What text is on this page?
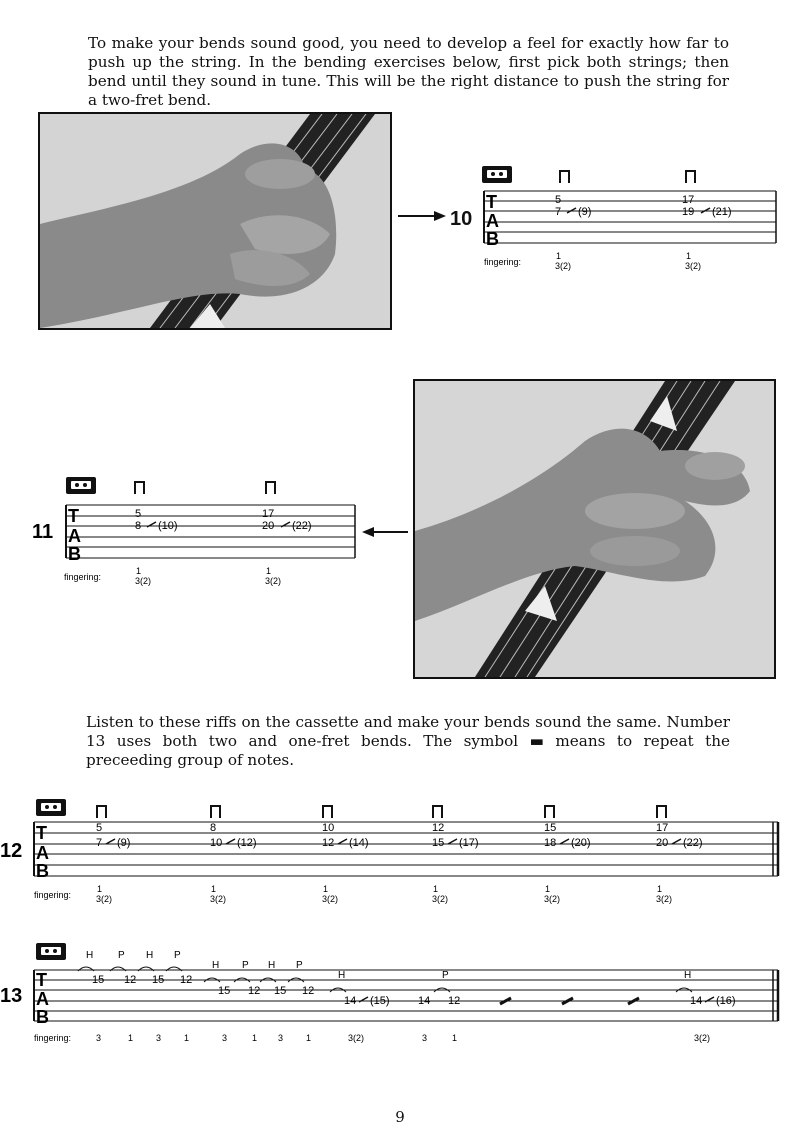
To make your bends sound good, you need to develop a feel for exactly how far to push up the string. In the bending exercises below, first pick both strings; then bend until they sound in tune. This will be the right distance to push the string for a two-fret bend.
10
T
A
B
5
7 (9)
fingering:
1
3(2)
17
19 (21)
1
3(2)
11
T
A
B
5
8 (10)
fingering:
1
3(2)
17
20 (22)
1
3(2)
Listen to these riffs on the cassette and make your bends sound the same. Number 13 uses both two and one-fret bends. The symbol ▬ means to repeat the preceeding group of notes.
12
T
A
B
fingering:
5
7 (9)
1
3(2)
8
10 (12)
1
3(2)
10
12 (14)
1
3(2)
12
15 (17)
1
3(2)
15
18 (20)
1
3(2)
17
20 (22)
1
3(2)
13
T
A
B
fingering:
15
H
3
12
P
1
15
H
3
12
P
1
15
H
3
12
P
1
15
H
3
12
P
1
14
H
(15)
3(2)
14
3
12
P
1
14
H
(16)
3(2)
9
